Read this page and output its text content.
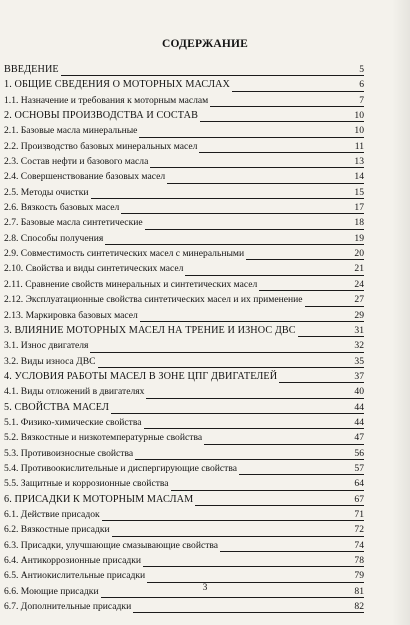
СОДЕРЖАНИЕ
ВВЕДЕНИЕ	5
1. ОБЩИЕ СВЕДЕНИЯ О МОТОРНЫХ МАСЛАХ	6
1.1. Назначение и требования к моторным маслам	7
2. ОСНОВЫ ПРОИЗВОДСТВА И СОСТАВ	10
2.1. Базовые масла минеральные	10
2.2. Производство базовых минеральных масел	11
2.3. Состав нефти и базового масла	13
2.4. Совершенствование базовых масел	14
2.5. Методы очистки	15
2.6. Вязкость базовых масел	17
2.7. Базовые масла синтетические	18
2.8. Способы получения	19
2.9. Совместимость синтетических масел с минеральными	20
2.10. Свойства и виды синтетических масел	21
2.11. Сравнение свойств минеральных и синтетических масел	24
2.12. Эксплуатационные свойства синтетических масел и их применение	27
2.13. Маркировка базовых масел	29
3. ВЛИЯНИЕ МОТОРНЫХ МАСЕЛ НА ТРЕНИЕ И ИЗНОС ДВС	31
3.1. Износ двигателя	32
3.2. Виды износа ДВС	35
4. УСЛОВИЯ РАБОТЫ МАСЕЛ В ЗОНЕ ЦПГ ДВИГАТЕЛЕЙ	37
4.1. Виды отложений в двигателях	40
5. СВОЙСТВА МАСЕЛ	44
5.1. Физико-химические свойства	44
5.2. Вязкостные и низкотемпературные свойства	47
5.3. Противоизносные свойства	56
5.4. Противоокислительные и диспергирующие свойства	57
5.5. Защитные и коррозионные свойства	64
6. ПРИСАДКИ К МОТОРНЫМ МАСЛАМ	67
6.1. Действие присадок	71
6.2. Вязкостные присадки	72
6.3. Присадки, улучшающие смазывающие свойства	74
6.4. Антикоррозионные присадки	78
6.5. Антиокислительные присадки	79
6.6. Моющие присадки	81
6.7. Дополнительные присадки	82
3
